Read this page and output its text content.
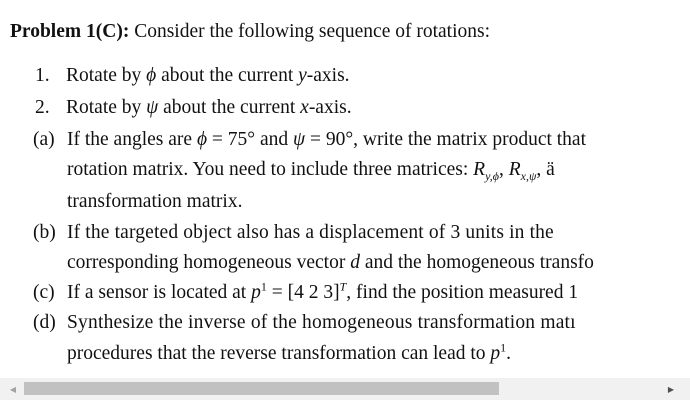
Problem 1(C): Consider the following sequence of rotations:
1. Rotate by ϕ about the current y-axis.
2. Rotate by ψ about the current x-axis.
(a) If the angles are ϕ = 75° and ψ = 90°, write the matrix product that
rotation matrix. You need to include three matrices: $R_{y,\phi}$, $R_{x,\psi}$, ä
transformation matrix.
(b) If the targeted object also has a displacement of 3 units in the
corresponding homogeneous vector d and the homogeneous transfo
(c) If a sensor is located at $p^1 = [4$ 2 3]$^T$, find the position measured 1
(d) Synthesize the inverse of the homogeneous transformation matı
procedures that the reverse transformation can lead to $p^1$.
◀	▶
